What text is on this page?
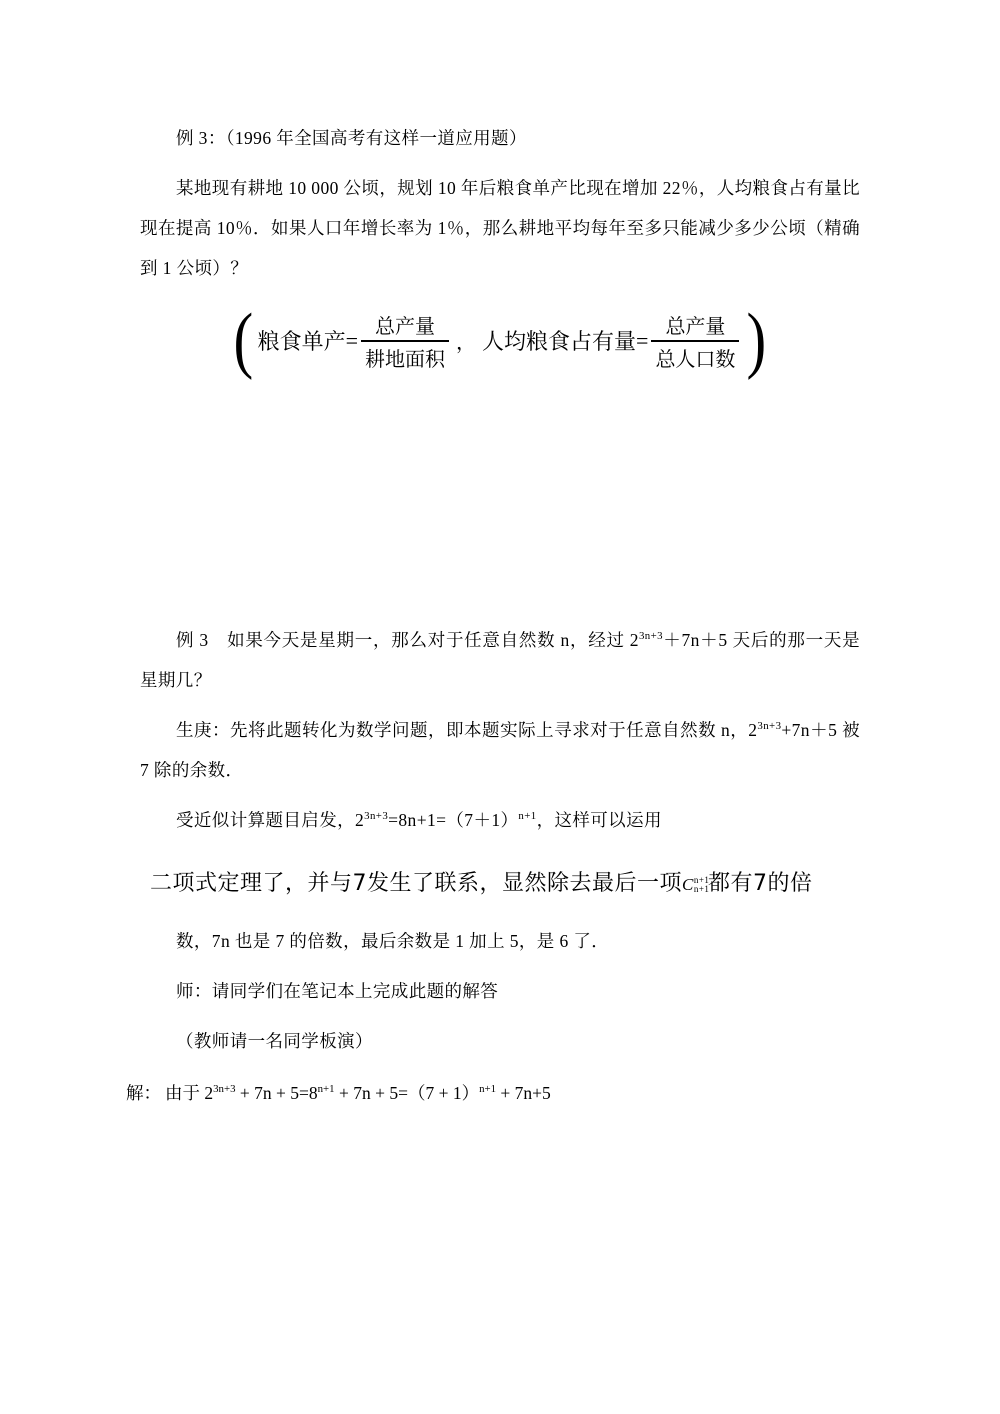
例 3：（1996 年全国高考有这样一道应用题）

某地现有耕地 10 000 公顷，规划 10 年后粮食单产比现在增加 22％，人均粮食占有量比现在提高 10％．如果人口年增长率为 1％，那么耕地平均每年至多只能减少多少公顷（精确到 1 公顷）？

( 粮食单产 = $\frac{\text{总产量}}{\text{耕地面积}}$ ， 人均粮食占有量 = $\frac{\text{总产量}}{\text{总人口数}}$ )

例 3　如果今天是星期一，那么对于任意自然数 n，经过 $2^{3n+3}+7n+5$ 天后的那一天是星期几？

生庚：先将此题转化为数学问题，即本题实际上寻求对于任意自然数 n，$2^{3n+3}+7n+5$ 被 7 除的余数．

受近似计算题目启发，$2^{3n+3}=8n+1=(7+1)^{n+1}$，这样可以运用

二项式定理了，并与7发生了联系，显然除去最后一项C n+1
n+1
都有7的倍

数，7n 也是 7 的倍数，最后余数是 1 加上 5，是 6 了．

师：请同学们在笔记本上完成此题的解答

（教师请一名同学板演）

解： 由于 $2^{3n+3} + 7n + 5=8^{n+1} + 7n + 5=(7 + 1)^{n+1} + 7n+5$
